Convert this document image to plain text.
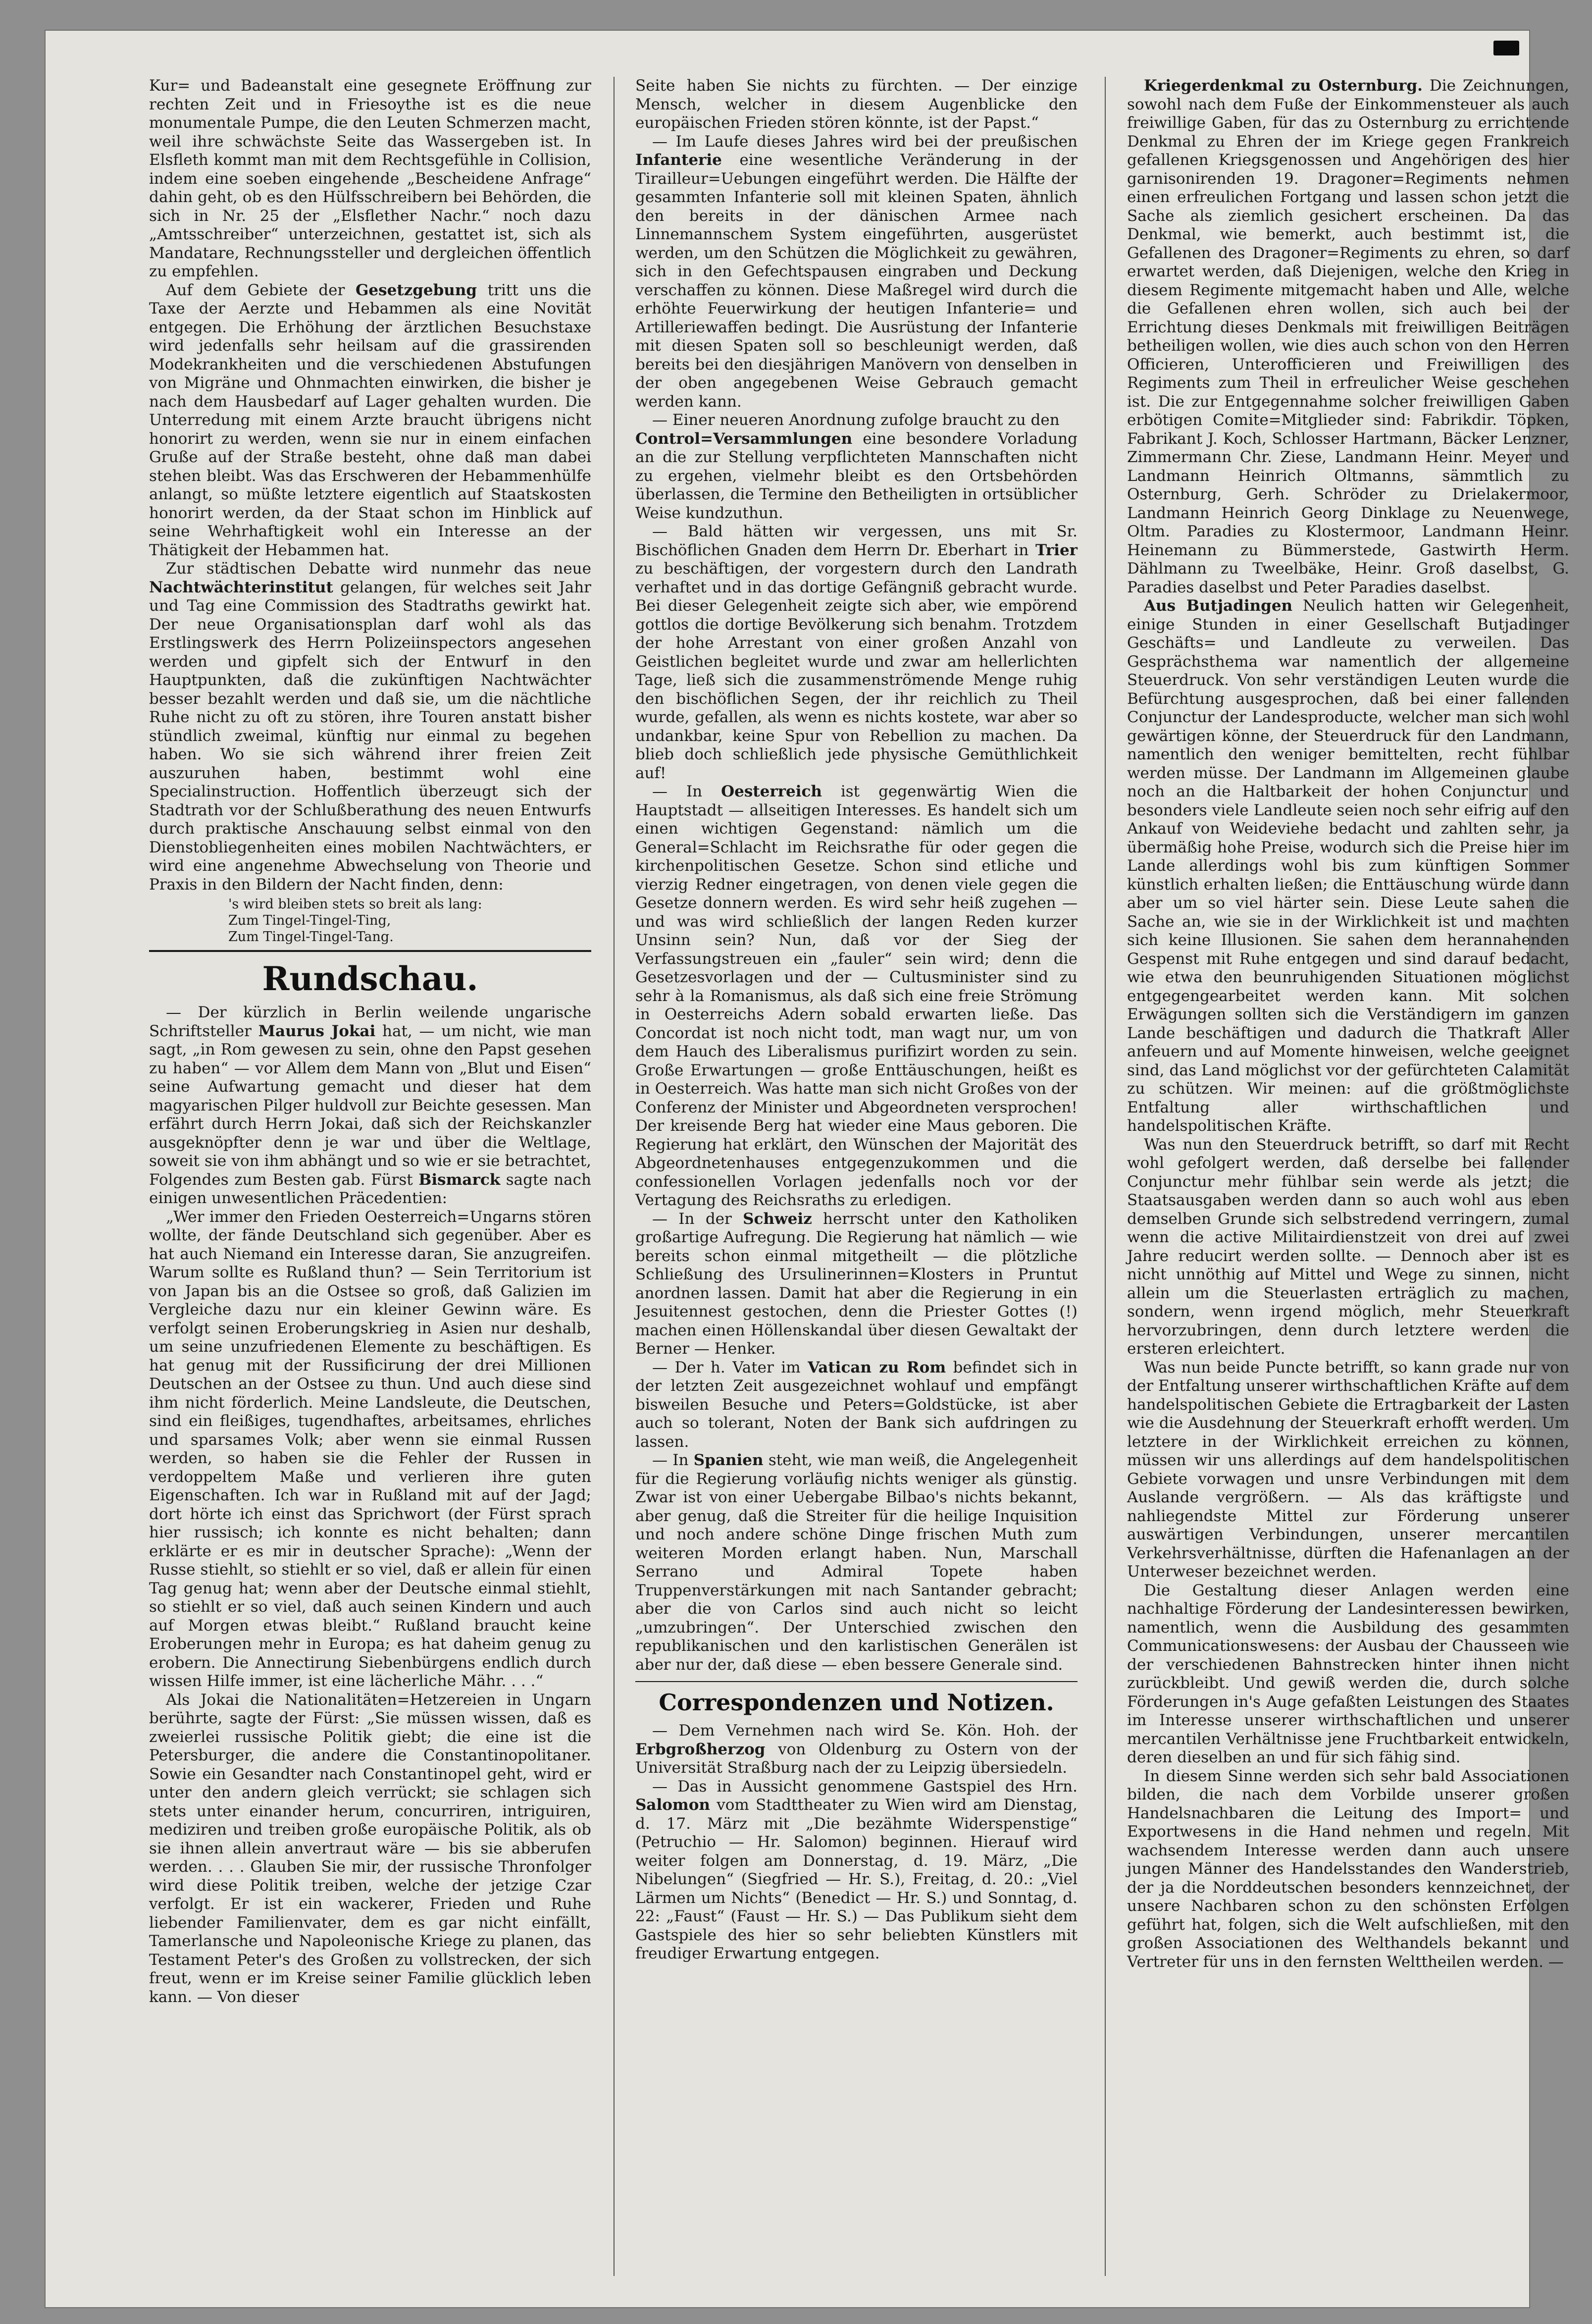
Kur= und Badeanstalt eine gesegnete Eröffnung zur rechten Zeit und in Friesoythe ist es die neue monumentale Pumpe, die den Leuten Schmerzen macht, weil ihre schwächste Seite das Wassergeben ist. In Elsfleth kommt man mit dem Rechtsgefühle in Collision, indem eine soeben eingehende „Bescheidene Anfrage“ dahin geht, ob es den Hülfsschreibern bei Behörden, die sich in Nr. 25 der „Elsflether Nachr.“ noch dazu „Amtsschreiber“ unterzeichnen, gestattet ist, sich als Mandatare, Rechnungssteller und dergleichen öffentlich zu empfehlen.

Auf dem Gebiete der Gesetzgebung tritt uns die Taxe der Aerzte und Hebammen als eine Novität entgegen. Die Erhöhung der ärztlichen Besuchstaxe wird jedenfalls sehr heilsam auf die grassirenden Modekrankheiten und die verschiedenen Abstufungen von Migräne und Ohnmachten einwirken, die bisher je nach dem Hausbedarf auf Lager gehalten wurden. Die Unterredung mit einem Arzte braucht übrigens nicht honorirt zu werden, wenn sie nur in einem einfachen Gruße auf der Straße besteht, ohne daß man dabei stehen bleibt. Was das Erschweren der Hebammenhülfe anlangt, so müßte letztere eigentlich auf Staatskosten honorirt werden, da der Staat schon im Hinblick auf seine Wehrhaftigkeit wohl ein Interesse an der Thätigkeit der Hebammen hat.

Zur städtischen Debatte wird nunmehr das neue Nachtwächterinstitut gelangen, für welches seit Jahr und Tag eine Commission des Stadtraths gewirkt hat. Der neue Organisationsplan darf wohl als das Erstlingswerk des Herrn Polizeiinspectors angesehen werden und gipfelt sich der Entwurf in den Hauptpunkten, daß die zukünftigen Nachtwächter besser bezahlt werden und daß sie, um die nächtliche Ruhe nicht zu oft zu stören, ihre Touren anstatt bisher stündlich zweimal, künftig nur einmal zu begehen haben. Wo sie sich während ihrer freien Zeit auszuruhen haben, bestimmt wohl eine Specialinstruction. Hoffentlich überzeugt sich der Stadtrath vor der Schlußberathung des neuen Entwurfs durch praktische Anschauung selbst einmal von den Dienstobliegenheiten eines mobilen Nachtwächters, er wird eine angenehme Abwechselung von Theorie und Praxis in den Bildern der Nacht finden, denn:

's wird bleiben stets so breit als lang:
Zum Tingel-Tingel-Ting,
Zum Tingel-Tingel-Tang.
Rundschau.

— Der kürzlich in Berlin weilende ungarische Schriftsteller Maurus Jokai hat, — um nicht, wie man sagt, „in Rom gewesen zu sein, ohne den Papst gesehen zu haben“ — vor Allem dem Mann von „Blut und Eisen“ seine Aufwartung gemacht und dieser hat dem magyarischen Pilger huldvoll zur Beichte gesessen. Man erfährt durch Herrn Jokai, daß sich der Reichskanzler ausgeknöpfter denn je war und über die Weltlage, soweit sie von ihm abhängt und so wie er sie betrachtet, Folgendes zum Besten gab. Fürst Bismarck sagte nach einigen unwesentlichen Präcedentien:

„Wer immer den Frieden Oesterreich=Ungarns stören wollte, der fände Deutschland sich gegenüber. Aber es hat auch Niemand ein Interesse daran, Sie anzugreifen. Warum sollte es Rußland thun? — Sein Territorium ist von Japan bis an die Ostsee so groß, daß Galizien im Vergleiche dazu nur ein kleiner Gewinn wäre. Es verfolgt seinen Eroberungskrieg in Asien nur deshalb, um seine unzufriedenen Elemente zu beschäftigen. Es hat genug mit der Russificirung der drei Millionen Deutschen an der Ostsee zu thun. Und auch diese sind ihm nicht förderlich. Meine Landsleute, die Deutschen, sind ein fleißiges, tugendhaftes, arbeitsames, ehrliches und sparsames Volk; aber wenn sie einmal Russen werden, so haben sie die Fehler der Russen in verdoppeltem Maße und verlieren ihre guten Eigenschaften. Ich war in Rußland mit auf der Jagd; dort hörte ich einst das Sprichwort (der Fürst sprach hier russisch; ich konnte es nicht behalten; dann erklärte er es mir in deutscher Sprache): „Wenn der Russe stiehlt, so stiehlt er so viel, daß er allein für einen Tag genug hat; wenn aber der Deutsche einmal stiehlt, so stiehlt er so viel, daß auch seinen Kindern und auch auf Morgen etwas bleibt.“ Rußland braucht keine Eroberungen mehr in Europa; es hat daheim genug zu erobern. Die Annectirung Siebenbürgens endlich durch wissen Hilfe immer, ist eine lächerliche Mähr. . . .“

Als Jokai die Nationalitäten=Hetzereien in Ungarn berührte, sagte der Fürst: „Sie müssen wissen, daß es zweierlei russische Politik giebt; die eine ist die Petersburger, die andere die Constantinopolitaner. Sowie ein Gesandter nach Constantinopel geht, wird er unter den andern gleich verrückt; sie schlagen sich stets unter einander herum, concurriren, intriguiren, mediziren und treiben große europäische Politik, als ob sie ihnen allein anvertraut wäre — bis sie abberufen werden. . . . Glauben Sie mir, der russische Thronfolger wird diese Politik treiben, welche der jetzige Czar verfolgt. Er ist ein wackerer, Frieden und Ruhe liebender Familienvater, dem es gar nicht einfällt, Tamerlansche und Napoleonische Kriege zu planen, das Testament Peter's des Großen zu vollstrecken, der sich freut, wenn er im Kreise seiner Familie glücklich leben kann. — Von dieser

Seite haben Sie nichts zu fürchten. — Der einzige Mensch, welcher in diesem Augenblicke den europäischen Frieden stören könnte, ist der Papst.“

— Im Laufe dieses Jahres wird bei der preußischen Infanterie eine wesentliche Veränderung in der Tirailleur=Uebungen eingeführt werden. Die Hälfte der gesammten Infanterie soll mit kleinen Spaten, ähnlich den bereits in der dänischen Armee nach Linnemannschem System eingeführten, ausgerüstet werden, um den Schützen die Möglichkeit zu gewähren, sich in den Gefechtspausen eingraben und Deckung verschaffen zu können. Diese Maßregel wird durch die erhöhte Feuerwirkung der heutigen Infanterie= und Artilleriewaffen bedingt. Die Ausrüstung der Infanterie mit diesen Spaten soll so beschleunigt werden, daß bereits bei den diesjährigen Manövern von denselben in der oben angegebenen Weise Gebrauch gemacht werden kann.

— Einer neueren Anordnung zufolge braucht zu den

Control=Versammlungen eine besondere Vorladung an die zur Stellung verpflichteten Mannschaften nicht zu ergehen, vielmehr bleibt es den Ortsbehörden überlassen, die Termine den Betheiligten in ortsüblicher Weise kundzuthun.

— Bald hätten wir vergessen, uns mit Sr. Bischöflichen Gnaden dem Herrn Dr. Eberhart in Trier zu beschäftigen, der vorgestern durch den Landrath verhaftet und in das dortige Gefängniß gebracht wurde. Bei dieser Gelegenheit zeigte sich aber, wie empörend gottlos die dortige Bevölkerung sich benahm. Trotzdem der hohe Arrestant von einer großen Anzahl von Geistlichen begleitet wurde und zwar am hellerlichten Tage, ließ sich die zusammenströmende Menge ruhig den bischöflichen Segen, der ihr reichlich zu Theil wurde, gefallen, als wenn es nichts kostete, war aber so undankbar, keine Spur von Rebellion zu machen. Da blieb doch schließlich jede physische Gemüthlichkeit auf!

— In Oesterreich ist gegenwärtig Wien die Hauptstadt — allseitigen Interesses. Es handelt sich um einen wichtigen Gegenstand: nämlich um die General=Schlacht im Reichsrathe für oder gegen die kirchenpolitischen Gesetze. Schon sind etliche und vierzig Redner eingetragen, von denen viele gegen die Gesetze donnern werden. Es wird sehr heiß zugehen — und was wird schließlich der langen Reden kurzer Unsinn sein? Nun, daß vor der Sieg der Verfassungstreuen ein „fauler“ sein wird; denn die Gesetzesvorlagen und der — Cultusminister sind zu sehr à la Romanismus, als daß sich eine freie Strömung in Oesterreichs Adern sobald erwarten ließe. Das Concordat ist noch nicht todt, man wagt nur, um von dem Hauch des Liberalismus purifizirt worden zu sein. Große Erwartungen — große Enttäuschungen, heißt es in Oesterreich. Was hatte man sich nicht Großes von der Conferenz der Minister und Abgeordneten versprochen! Der kreisende Berg hat wieder eine Maus geboren. Die Regierung hat erklärt, den Wünschen der Majorität des Abgeordnetenhauses entgegenzukommen und die confessionellen Vorlagen jedenfalls noch vor der Vertagung des Reichsraths zu erledigen.

— In der Schweiz herrscht unter den Katholiken großartige Aufregung. Die Regierung hat nämlich — wie bereits schon einmal mitgetheilt — die plötzliche Schließung des Ursulinerinnen=Klosters in Pruntut anordnen lassen. Damit hat aber die Regierung in ein Jesuitennest gestochen, denn die Priester Gottes (!) machen einen Höllenskandal über diesen Gewaltakt der Berner — Henker.

— Der h. Vater im Vatican zu Rom befindet sich in der letzten Zeit ausgezeichnet wohlauf und empfängt bisweilen Besuche und Peters=Goldstücke, ist aber auch so tolerant, Noten der Bank sich aufdringen zu lassen.

— In Spanien steht, wie man weiß, die Angelegenheit für die Regierung vorläufig nichts weniger als günstig. Zwar ist von einer Uebergabe Bilbao's nichts bekannt, aber genug, daß die Streiter für die heilige Inquisition und noch andere schöne Dinge frischen Muth zum weiteren Morden erlangt haben. Nun, Marschall Serrano und Admiral Topete haben Truppenverstärkungen mit nach Santander gebracht; aber die von Carlos sind auch nicht so leicht „umzubringen“. Der Unterschied zwischen den republikanischen und den karlistischen Generälen ist aber nur der, daß diese — eben bessere Generale sind.

Correspondenzen und Notizen.

— Dem Vernehmen nach wird Se. Kön. Hoh. der Erbgroßherzog von Oldenburg zu Ostern von der Universität Straßburg nach der zu Leipzig übersiedeln.

— Das in Aussicht genommene Gastspiel des Hrn. Salomon vom Stadttheater zu Wien wird am Dienstag, d. 17. März mit „Die bezähmte Widerspenstige“ (Petruchio — Hr. Salomon) beginnen. Hierauf wird weiter folgen am Donnerstag, d. 19. März, „Die Nibelungen“ (Siegfried — Hr. S.), Freitag, d. 20.: „Viel Lärmen um Nichts“ (Benedict — Hr. S.) und Sonntag, d. 22: „Faust“ (Faust — Hr. S.) — Das Publikum sieht dem Gastspiele des hier so sehr beliebten Künstlers mit freudiger Erwartung entgegen.

Kriegerdenkmal zu Osternburg. Die Zeichnungen, sowohl nach dem Fuße der Einkommensteuer als auch freiwillige Gaben, für das zu Osternburg zu errichtende Denkmal zu Ehren der im Kriege gegen Frankreich gefallenen Kriegsgenossen und Angehörigen des hier garnisonirenden 19. Dragoner=Regiments nehmen einen erfreulichen Fortgang und lassen schon jetzt die Sache als ziemlich gesichert erscheinen. Da das Denkmal, wie bemerkt, auch bestimmt ist, die Gefallenen des Dragoner=Regiments zu ehren, so darf erwartet werden, daß Diejenigen, welche den Krieg in diesem Regimente mitgemacht haben und Alle, welche die Gefallenen ehren wollen, sich auch bei der Errichtung dieses Denkmals mit freiwilligen Beiträgen betheiligen wollen, wie dies auch schon von den Herren Officieren, Unterofficieren und Freiwilligen des Regiments zum Theil in erfreulicher Weise geschehen ist. Die zur Entgegennahme solcher freiwilligen Gaben erbötigen Comite=Mitglieder sind: Fabrikdir. Töpken, Fabrikant J. Koch, Schlosser Hartmann, Bäcker Lenzner, Zimmermann Chr. Ziese, Landmann Heinr. Meyer und Landmann Heinrich Oltmanns, sämmtlich zu Osternburg, Gerh. Schröder zu Drielakermoor, Landmann Heinrich Georg Dinklage zu Neuenwege, Oltm. Paradies zu Klostermoor, Landmann Heinr. Heinemann zu Bümmerstede, Gastwirth Herm. Dählmann zu Tweelbäke, Heinr. Groß daselbst, G. Paradies daselbst und Peter Paradies daselbst.

Aus Butjadingen Neulich hatten wir Gelegenheit, einige Stunden in einer Gesellschaft Butjadinger Geschäfts= und Landleute zu verweilen. Das Gesprächsthema war namentlich der allgemeine Steuerdruck. Von sehr verständigen Leuten wurde die Befürchtung ausgesprochen, daß bei einer fallenden Conjunctur der Landesproducte, welcher man sich wohl gewärtigen könne, der Steuerdruck für den Landmann, namentlich den weniger bemittelten, recht fühlbar werden müsse. Der Landmann im Allgemeinen glaube noch an die Haltbarkeit der hohen Conjunctur und besonders viele Landleute seien noch sehr eifrig auf den Ankauf von Weideviehe bedacht und zahlten sehr, ja übermäßig hohe Preise, wodurch sich die Preise hier im Lande allerdings wohl bis zum künftigen Sommer künstlich erhalten ließen; die Enttäuschung würde dann aber um so viel härter sein. Diese Leute sahen die Sache an, wie sie in der Wirklichkeit ist und machten sich keine Illusionen. Sie sahen dem herannahenden Gespenst mit Ruhe entgegen und sind darauf bedacht, wie etwa den beunruhigenden Situationen möglichst entgegengearbeitet werden kann. Mit solchen Erwägungen sollten sich die Verständigern im ganzen Lande beschäftigen und dadurch die Thatkraft Aller anfeuern und auf Momente hinweisen, welche geeignet sind, das Land möglichst vor der gefürchteten Calamität zu schützen. Wir meinen: auf die größtmöglichste Entfaltung aller wirthschaftlichen und handelspolitischen Kräfte.

Was nun den Steuerdruck betrifft, so darf mit Recht wohl gefolgert werden, daß derselbe bei fallender Conjunctur mehr fühlbar sein werde als jetzt; die Staatsausgaben werden dann so auch wohl aus eben demselben Grunde sich selbstredend verringern, zumal wenn die active Militairdienstzeit von drei auf zwei Jahre reducirt werden sollte. — Dennoch aber ist es nicht unnöthig auf Mittel und Wege zu sinnen, nicht allein um die Steuerlasten erträglich zu machen, sondern, wenn irgend möglich, mehr Steuerkraft hervorzubringen, denn durch letztere werden die ersteren erleichtert.

Was nun beide Puncte betrifft, so kann grade nur von der Entfaltung unserer wirthschaftlichen Kräfte auf dem handelspolitischen Gebiete die Ertragbarkeit der Lasten wie die Ausdehnung der Steuerkraft erhofft werden. Um letztere in der Wirklichkeit erreichen zu können, müssen wir uns allerdings auf dem handelspolitischen Gebiete vorwagen und unsre Verbindungen mit dem Auslande vergrößern. — Als das kräftigste und nahliegendste Mittel zur Förderung unserer auswärtigen Verbindungen, unserer mercantilen Verkehrsverhältnisse, dürften die Hafenanlagen an der Unterweser bezeichnet werden.

Die Gestaltung dieser Anlagen werden eine nachhaltige Förderung der Landesinteressen bewirken, namentlich, wenn die Ausbildung des gesammten Communicationswesens: der Ausbau der Chausseen wie der verschiedenen Bahnstrecken hinter ihnen nicht zurückbleibt. Und gewiß werden die, durch solche Förderungen in's Auge gefaßten Leistungen des Staates im Interesse unserer wirthschaftlichen und unserer mercantilen Verhältnisse jene Fruchtbarkeit entwickeln, deren dieselben an und für sich fähig sind.

In diesem Sinne werden sich sehr bald Associationen bilden, die nach dem Vorbilde unserer großen Handelsnachbaren die Leitung des Import= und Exportwesens in die Hand nehmen und regeln. Mit wachsendem Interesse werden dann auch unsere jungen Männer des Handelsstandes den Wanderstrieb, der ja die Norddeutschen besonders kennzeichnet, der unsere Nachbaren schon zu den schönsten Erfolgen geführt hat, folgen, sich die Welt aufschließen, mit den großen Associationen des Welthandels bekannt und Vertreter für uns in den fernsten Welttheilen werden. —
